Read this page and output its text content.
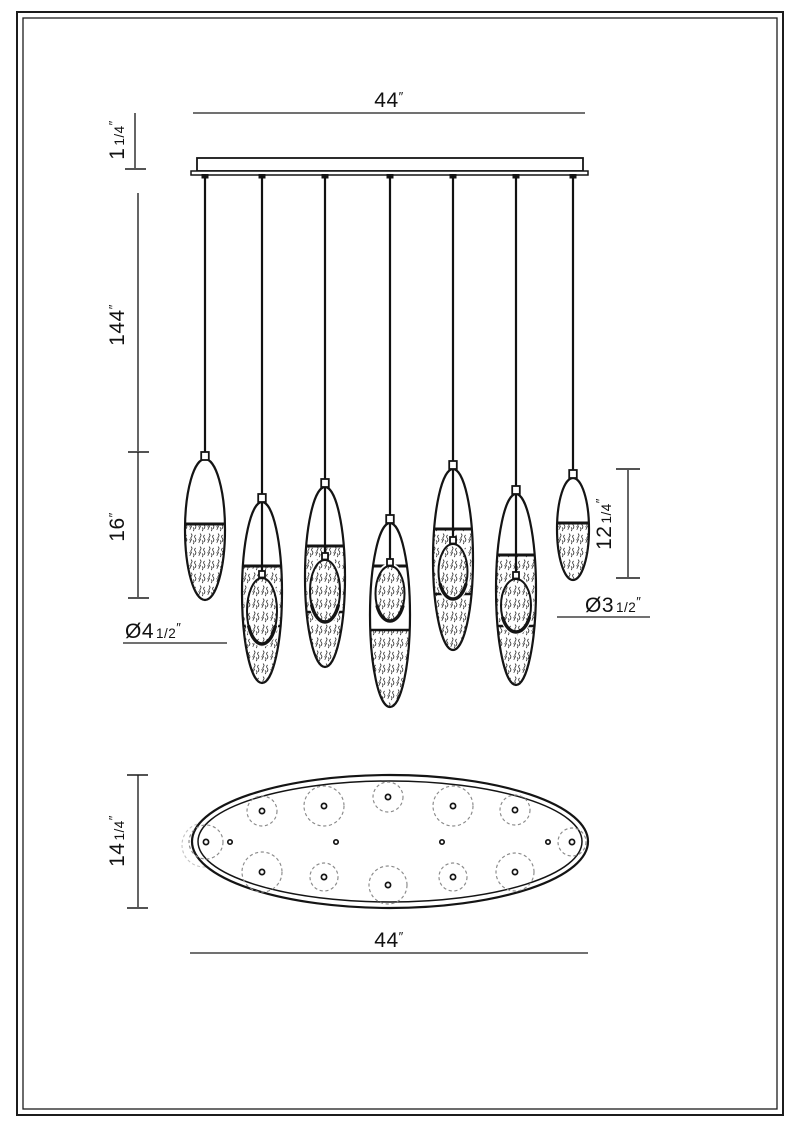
44″
11/4″
144″
16″
121/4″
Ø4 1/2″
Ø3 1/2″
141/4″
44″
